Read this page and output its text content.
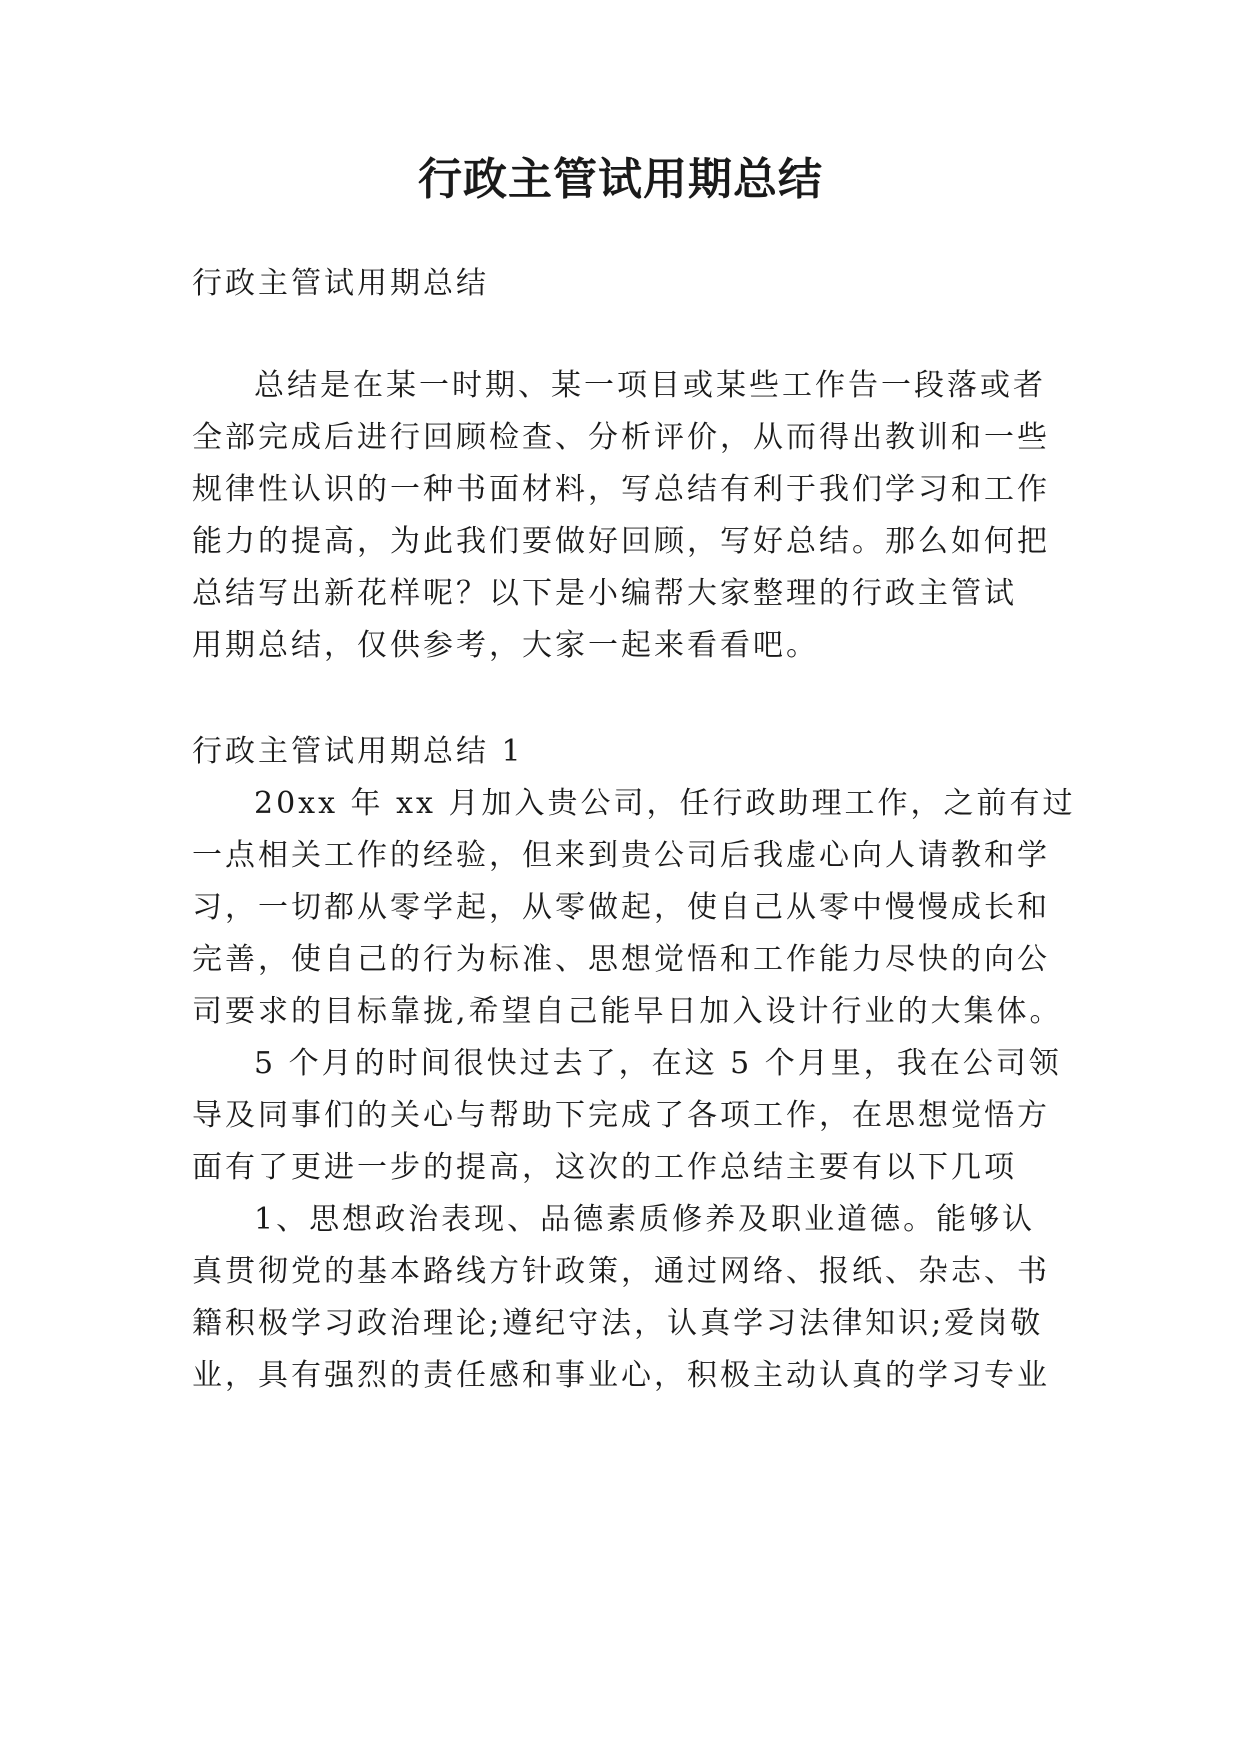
行政主管试用期总结

行政主管试用期总结

总结是在某一时期、某一项目或某些工作告一段落或者

全部完成后进行回顾检查、分析评价，从而得出教训和一些

规律性认识的一种书面材料，写总结有利于我们学习和工作

能力的提高，为此我们要做好回顾，写好总结。那么如何把

总结写出新花样呢？以下是小编帮大家整理的行政主管试

用期总结，仅供参考，大家一起来看看吧。

行政主管试用期总结 1

20xx 年 xx 月加入贵公司，任行政助理工作，之前有过

一点相关工作的经验，但来到贵公司后我虚心向人请教和学

习，一切都从零学起，从零做起，使自己从零中慢慢成长和

完善，使自己的行为标准、思想觉悟和工作能力尽快的向公

司要求的目标靠拢,希望自己能早日加入设计行业的大集体。

5 个月的时间很快过去了，在这 5 个月里，我在公司领

导及同事们的关心与帮助下完成了各项工作，在思想觉悟方

面有了更进一步的提高，这次的工作总结主要有以下几项

1、思想政治表现、品德素质修养及职业道德。能够认

真贯彻党的基本路线方针政策，通过网络、报纸、杂志、书

籍积极学习政治理论;遵纪守法，认真学习法律知识;爱岗敬

业，具有强烈的责任感和事业心，积极主动认真的学习专业
